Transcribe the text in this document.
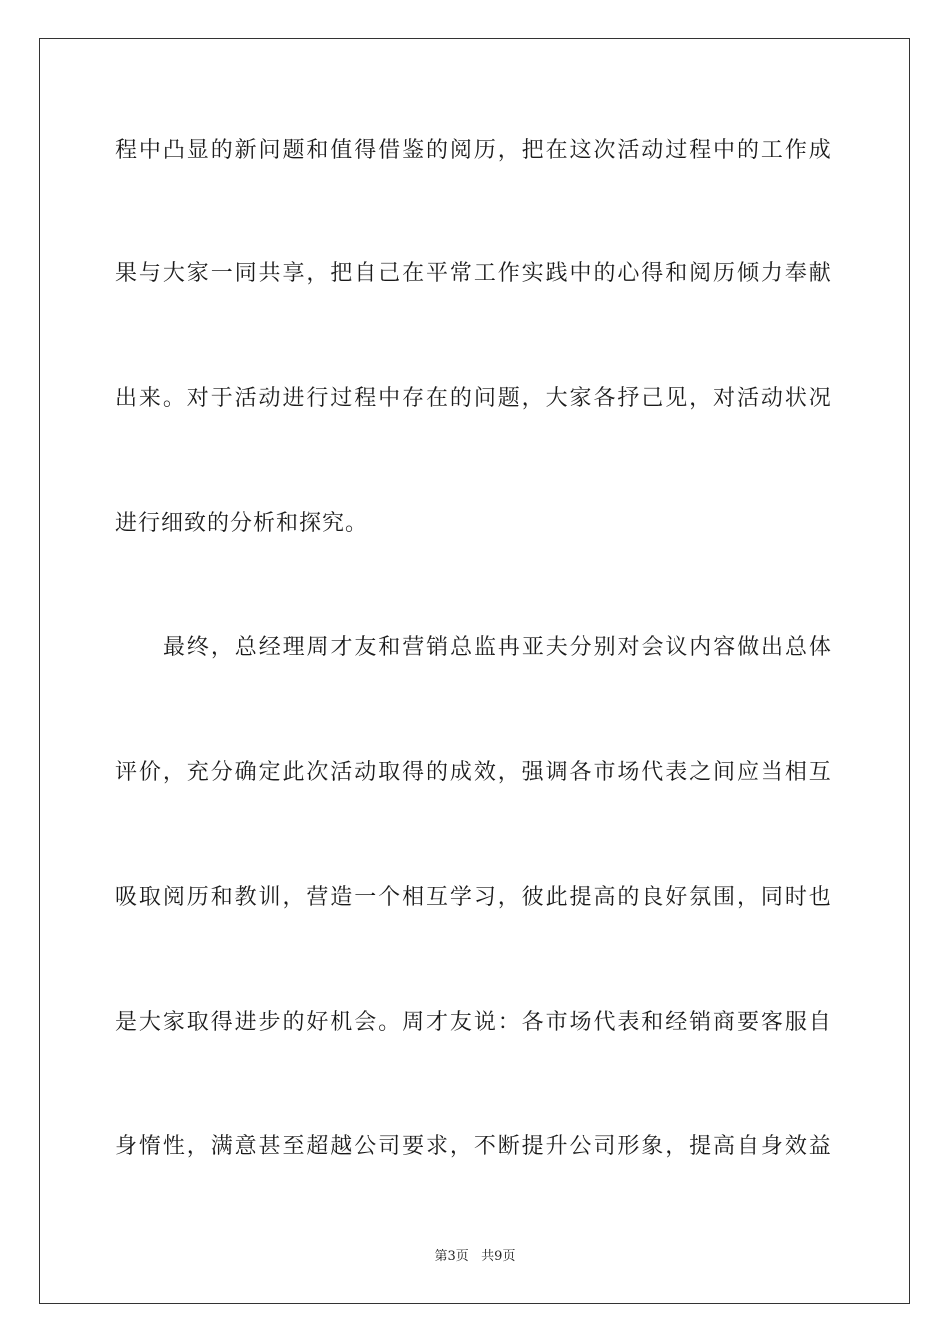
程 中 凸 显 的 新 问 题 和 值 得 借 鉴 的 阅 历 ， 把 在 这 次 活 动 过 程 中 的 工 作 成
果 与 大 家 一 同 共 享 ， 把 自 己 在 平 常 工 作 实 践 中 的 心 得 和 阅 历 倾 力 奉 献
出 来 。 对 于 活 动 进 行 过 程 中 存 在 的 问 题 ， 大 家 各 抒 己 见 ， 对 活 动 状 况
进行细致的分析和探究。
最 终 ， 总 经 理 周 才 友 和 营 销 总 监 冉 亚 夫 分 别 对 会 议 内 容 做 出 总 体
评 价 ， 充 分 确 定 此 次 活 动 取 得 的 成 效 ， 强 调 各 市 场 代 表 之 间 应 当 相 互
吸 取 阅 历 和 教 训 ， 营 造 一 个 相 互 学 习 ， 彼 此 提 高 的 良 好 氛 围 ， 同 时 也
是 大 家 取 得 进 步 的 好 机 会 。 周 才 友 说 ： 各 市 场 代 表 和 经 销 商 要 客 服 自
身 惰 性 ， 满 意 甚 至 超 越 公 司 要 求 ， 不 断 提 升 公 司 形 象 ， 提 高 自 身 效 益
第3页   共9页
